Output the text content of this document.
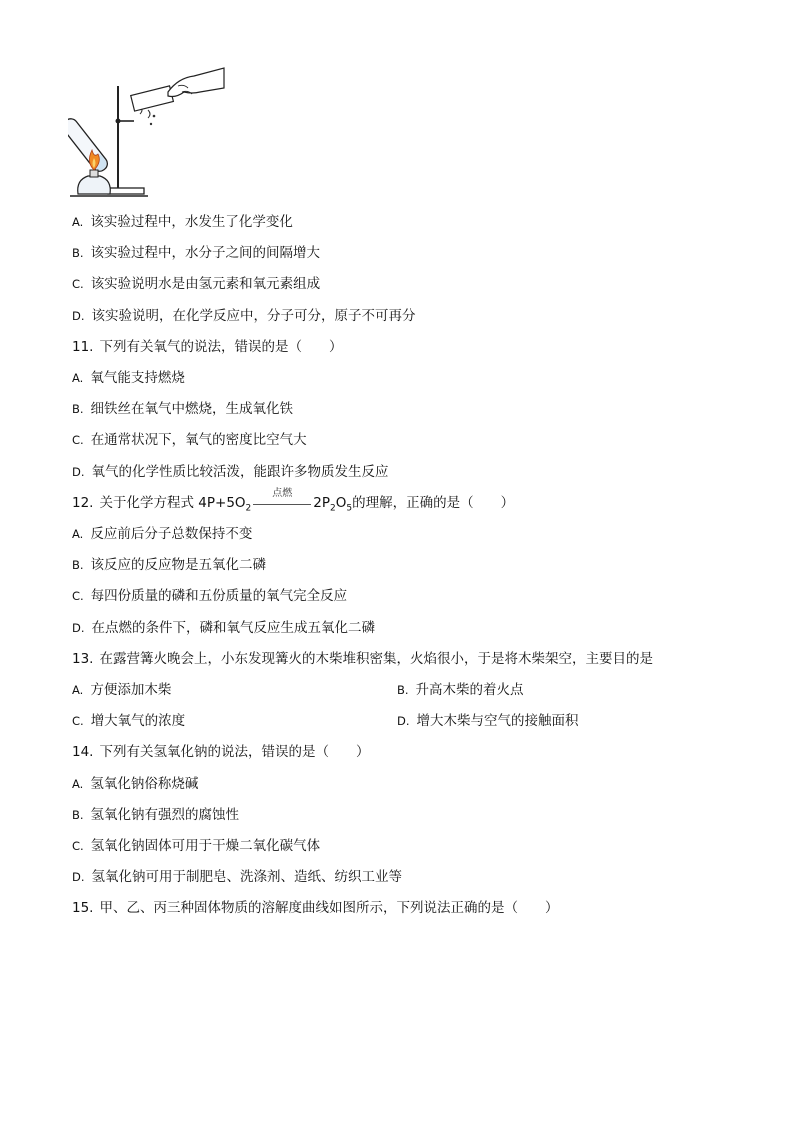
A. 该实验过程中，水发生了化学变化
B. 该实验过程中，水分子之间的间隔增大
C. 该实验说明水是由氢元素和氧元素组成
D. 该实验说明，在化学反应中，分子可分，原子不可再分
11. 下列有关氧气的说法，错误的是（　　）
A. 氧气能支持燃烧
B. 细铁丝在氧气中燃烧，生成氧化铁
C. 在通常状况下，氧气的密度比空气大
D. 氧气的化学性质比较活泼，能跟许多物质发生反应
12. 关于化学方程式 $4P+5O_2$
点燃
$2P_2O_5$的理解，正确的是（　　）
A. 反应前后分子总数保持不变
B. 该反应的反应物是五氧化二磷
C. 每四份质量的磷和五份质量的氧气完全反应
D. 在点燃的条件下，磷和氧气反应生成五氧化二磷
13. 在露营篝火晚会上，小东发现篝火的木柴堆积密集，火焰很小，于是将木柴架空，主要目的是
A. 方便添加木柴	B. 升高木柴的着火点
C. 增大氧气的浓度	D. 增大木柴与空气的接触面积
14. 下列有关氢氧化钠的说法，错误的是（　　）
A. 氢氧化钠俗称烧碱
B. 氢氧化钠有强烈的腐蚀性
C. 氢氧化钠固体可用于干燥二氧化碳气体
D. 氢氧化钠可用于制肥皂、洗涤剂、造纸、纺织工业等
15. 甲、乙、丙三种固体物质的溶解度曲线如图所示，下列说法正确的是（　　）
